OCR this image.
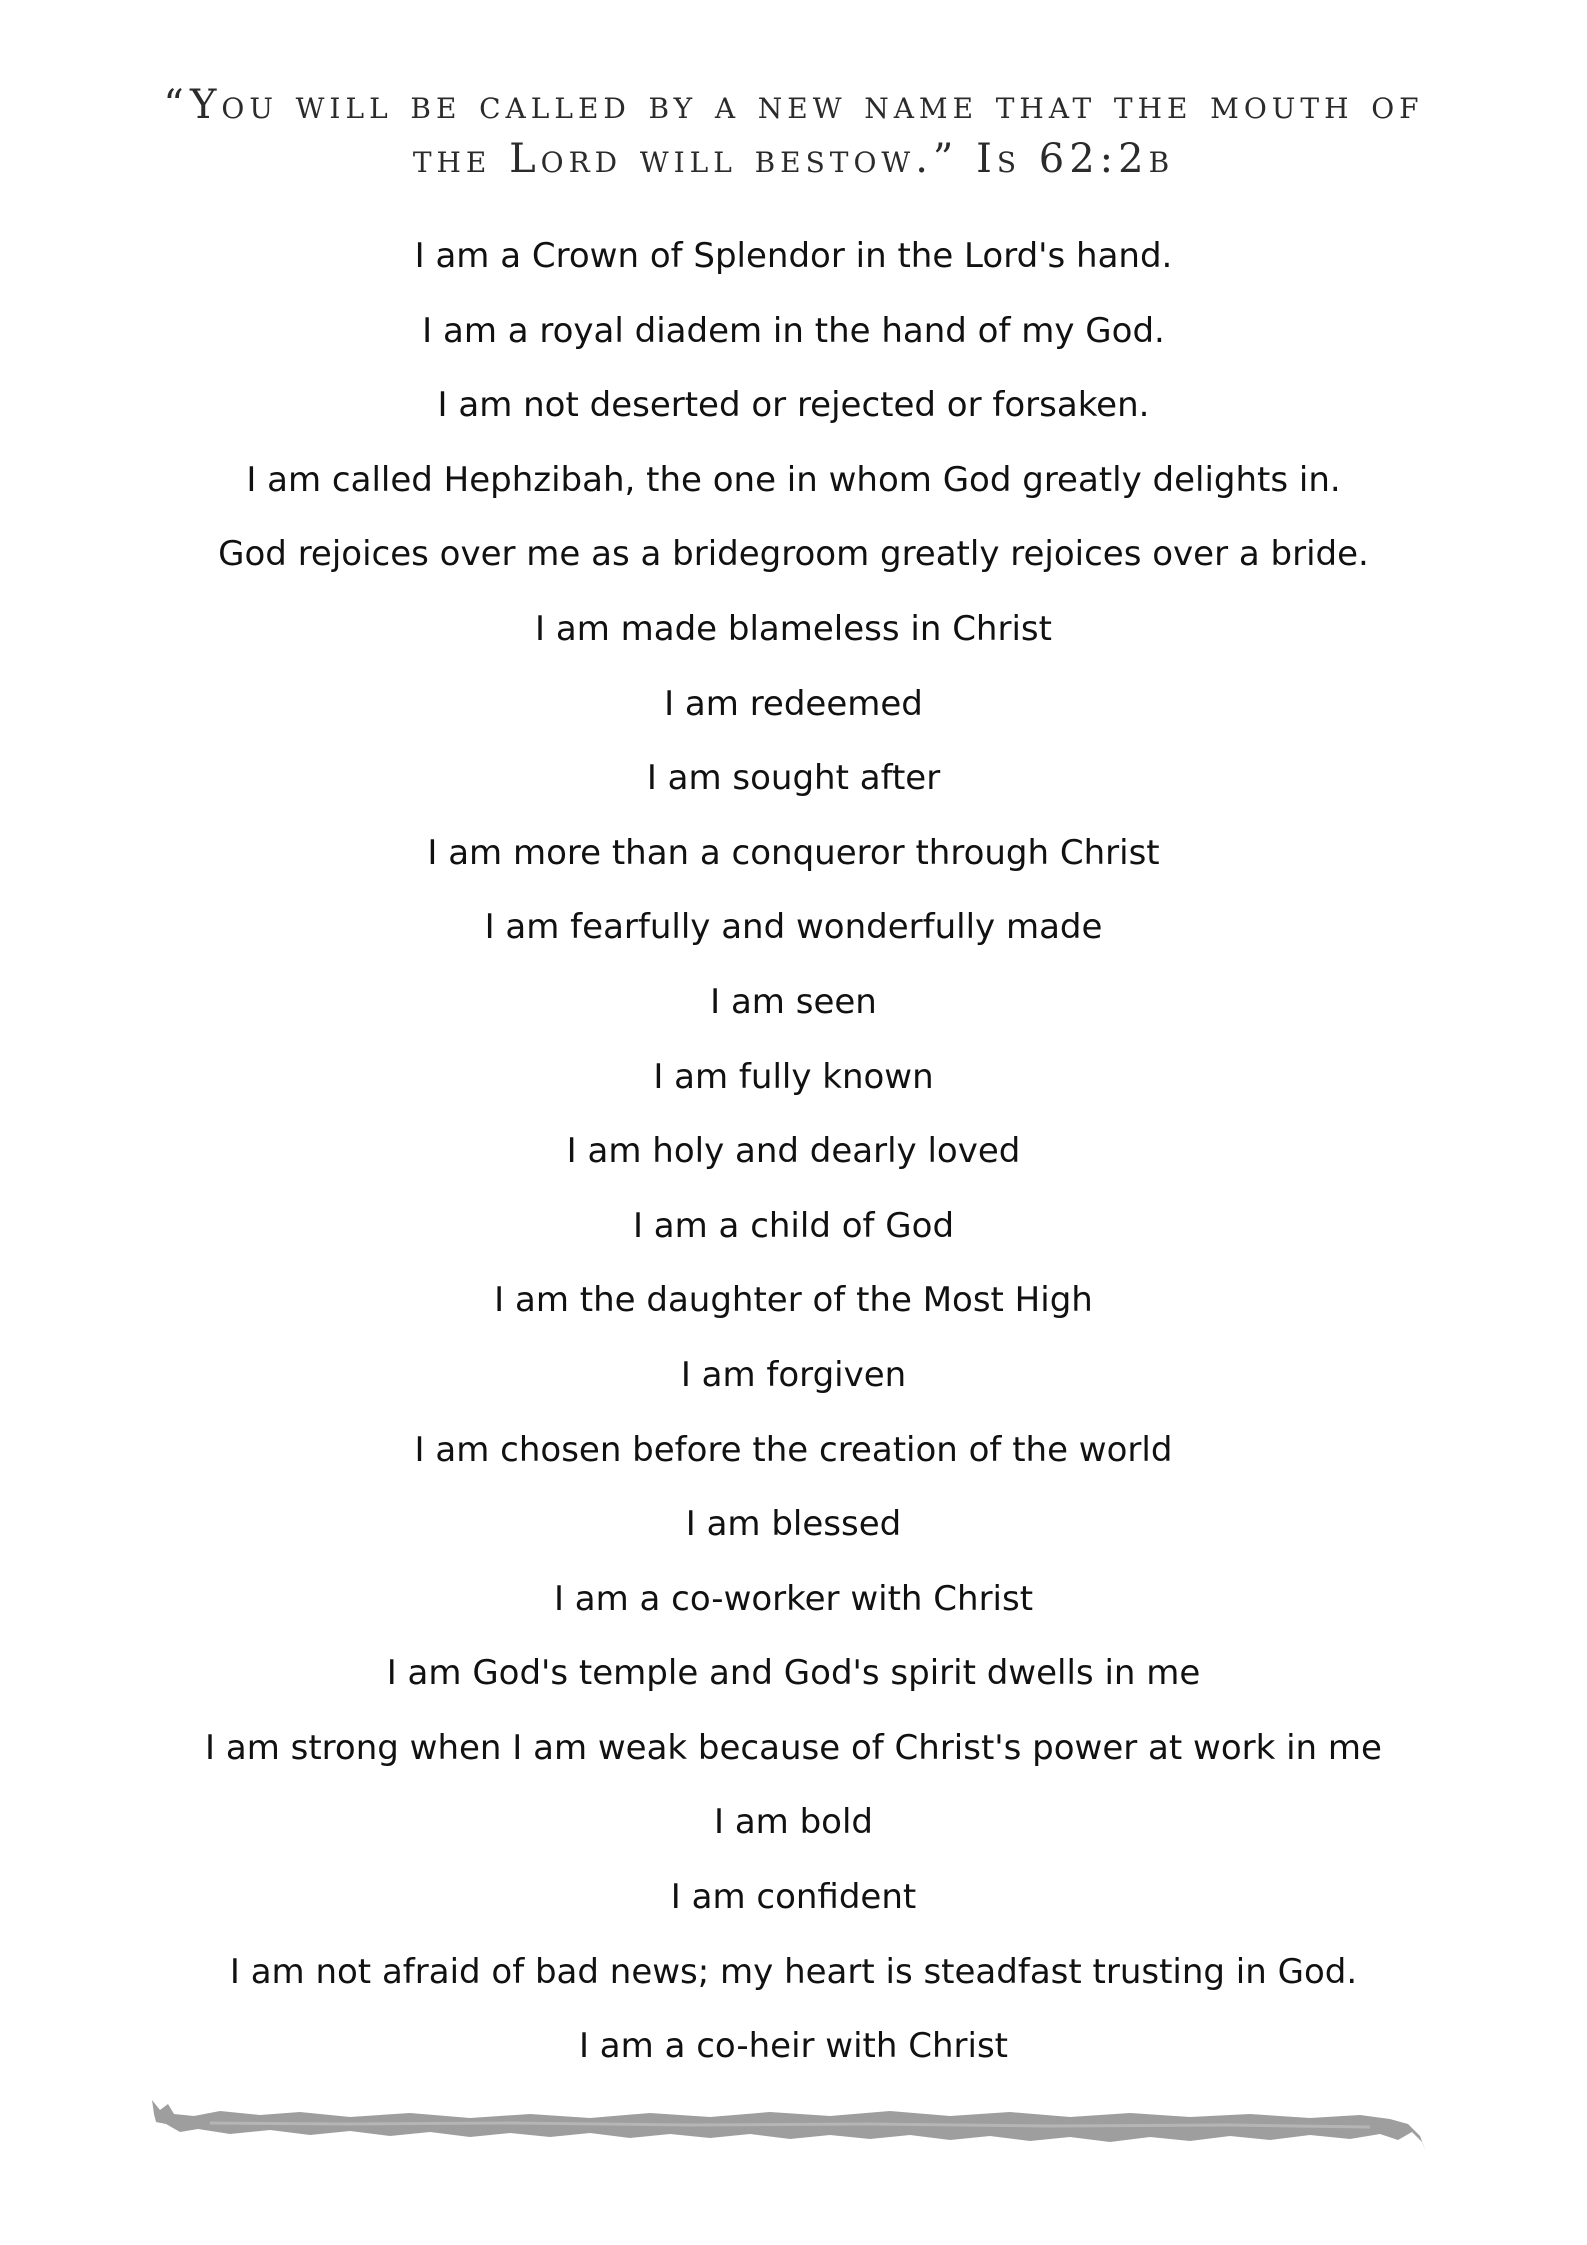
“You will be called by a new name that the mouth of the Lord will bestow.” Is 62:2b
I am a Crown of Splendor in the Lord's hand.
I am a royal diadem in the hand of my God.
I am not deserted or rejected or forsaken.
I am called Hephzibah, the one in whom God greatly delights in.
God rejoices over me as a bridegroom greatly rejoices over a bride.
I am made blameless in Christ
I am redeemed
I am sought after
I am more than a conqueror through Christ
I am fearfully and wonderfully made
I am seen
I am fully known
I am holy and dearly loved
I am a child of God
I am the daughter of the Most High
I am forgiven
I am chosen before the creation of the world
I am blessed
I am a co-worker with Christ
I am God's temple and God's spirit dwells in me
I am strong when I am weak because of Christ's power at work in me
I am bold
I am confident
I am not afraid of bad news; my heart is steadfast trusting in God.
I am a co-heir with Christ
